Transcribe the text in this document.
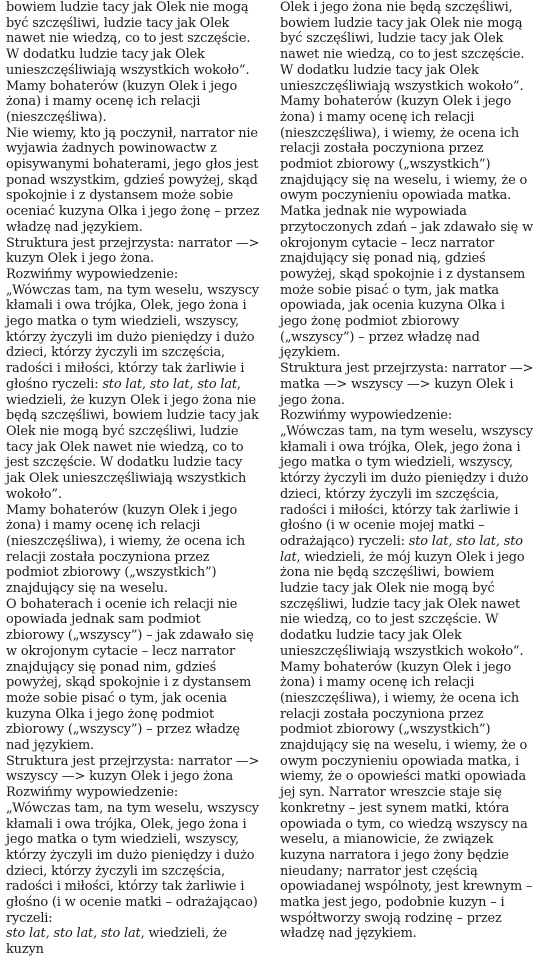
bowiem ludzie tacy jak Olek nie mogą być szczęśliwi, ludzie tacy jak Olek nawet nie wiedzą, co to jest szczęście. W dodatku ludzie tacy jak Olek unieszczęśliwiają wszystkich wokoło”.

Mamy bohaterów (kuzyn Olek i jego żona) i mamy ocenę ich relacji (nieszczęśliwa).

Nie wiemy, kto ją poczynił, narrator nie wyjawia żadnych powinowactw z opisywanymi bohaterami, jego głos jest ponad wszystkim, gdzieś powyżej, skąd spokojnie i z dystansem może sobie oceniać kuzyna Olka i jego żonę – przez władzę nad językiem.

Struktura jest przejrzysta: narrator —> kuzyn Olek i jego żona.

Rozwińmy wypowiedzenie:

„Wówczas tam, na tym weselu, wszyscy kłamali i owa trójka, Olek, jego żona i jego matka o tym wiedzieli, wszyscy, którzy życzyli im dużo pieniędzy i dużo dzieci, którzy życzyli im szczęścia, radości i miłości, którzy tak żarliwie i głośno ryczeli: sto lat, sto lat, sto lat, wiedzieli, że kuzyn Olek i jego żona nie będą szczęśliwi, bowiem ludzie tacy jak Olek nie mogą być szczęśliwi, ludzie tacy jak Olek nawet nie wiedzą, co to jest szczęście. W dodatku ludzie tacy jak Olek unieszczęśliwiają wszystkich wokoło”.

Mamy bohaterów (kuzyn Olek i jego żona) i mamy ocenę ich relacji (nieszczęśliwa), i wiemy, że ocena ich relacji została poczyniona przez podmiot zbiorowy („wszystkich”) znajdujący się na weselu.

O bohaterach i ocenie ich relacji nie opowiada jednak sam podmiot zbiorowy („wszyscy”) – jak zdawało się w okrojonym cytacie – lecz narrator znajdujący się ponad nim, gdzieś powyżej, skąd spokojnie i z dystansem może sobie pisać o tym, jak ocenia kuzyna Olka i jego żonę podmiot zbiorowy („wszyscy”) – przez władzę nad językiem.

Struktura jest przejrzysta: narrator —> wszyscy —> kuzyn Olek i jego żona

Rozwińmy wypowiedzenie:

„Wówczas tam, na tym weselu, wszyscy kłamali i owa trójka, Olek, jego żona i jego matka o tym wiedzieli, wszyscy, którzy życzyli im dużo pieniędzy i dużo dzieci, którzy życzyli im szczęścia, radości i miłości, którzy tak żarliwie i głośno (i w ocenie matki – odrażającao) ryczeli:
sto lat, sto lat, sto lat, wiedzieli, że kuzyn

Olek i jego żona nie będą szczęśliwi, bowiem ludzie tacy jak Olek nie mogą być szczęśliwi, ludzie tacy jak Olek nawet nie wiedzą, co to jest szczęście. W dodatku ludzie tacy jak Olek unieszczęśliwiają wszystkich wokoło”.

Mamy bohaterów (kuzyn Olek i jego żona) i mamy ocenę ich relacji (nieszczęśliwa), i wiemy, że ocena ich relacji została poczyniona przez podmiot zbiorowy („wszystkich”) znajdujący się na weselu, i wiemy, że o owym poczynieniu opowiada matka. Matka jednak nie wypowiada przytoczonych zdań – jak zdawało się w okrojonym cytacie – lecz narrator znajdujący się ponad nią, gdzieś powyżej, skąd spokojnie i z dystansem może sobie pisać o tym, jak matka opowiada, jak ocenia kuzyna Olka i jego żonę podmiot zbiorowy („wszyscy”) – przez władzę nad językiem.

Struktura jest przejrzysta: narrator —> matka —> wszyscy —> kuzyn Olek i jego żona.

Rozwińmy wypowiedzenie:

„Wówczas tam, na tym weselu, wszyscy kłamali i owa trójka, Olek, jego żona i jego matka o tym wiedzieli, wszyscy, którzy życzyli im dużo pieniędzy i dużo dzieci, którzy życzyli im szczęścia, radości i miłości, którzy tak żarliwie i głośno (i w ocenie mojej matki – odrażająco) ryczeli: sto lat, sto lat, sto lat, wiedzieli, że mój kuzyn Olek i jego żona nie będą szczęśliwi, bowiem ludzie tacy jak Olek nie mogą być szczęśliwi, ludzie tacy jak Olek nawet nie wiedzą, co to jest szczęście. W dodatku ludzie tacy jak Olek unieszczęśliwiają wszystkich wokoło”.

Mamy bohaterów (kuzyn Olek i jego żona) i mamy ocenę ich relacji (nieszczęśliwa), i wiemy, że ocena ich relacji została poczyniona przez podmiot zbiorowy („wszystkich”) znajdujący się na weselu, i wiemy, że o owym poczynieniu opowiada matka, i wiemy, że o opowieści matki opowiada jej syn. Narrator wreszcie staje się konkretny – jest synem matki, która opowiada o tym, co wiedzą wszyscy na weselu, a mianowicie, że związek kuzyna narratora i jego żony będzie nieudany; narrator jest częścią opowiadanej wspólnoty, jest krewnym – matka jest jego, podobnie kuzyn – i współtworzy swoją rodzinę – przez władzę nad językiem.
